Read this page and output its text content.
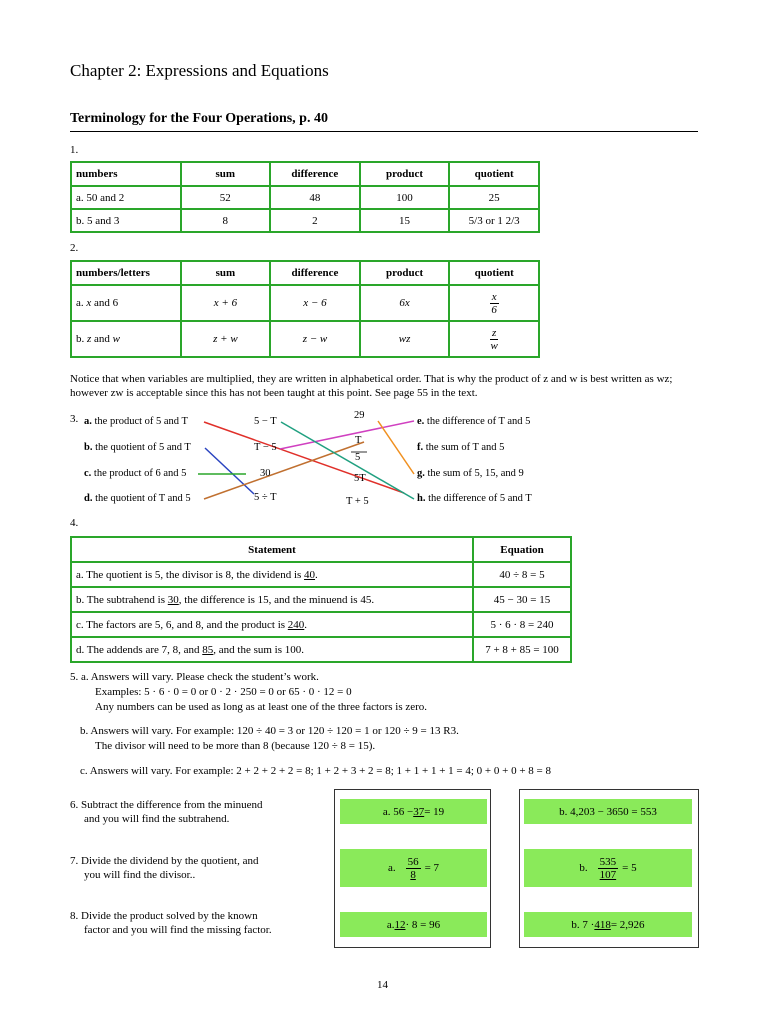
Chapter 2: Expressions and Equations
Terminology for the Four Operations, p. 40
1.
numbers	sum	difference	product	quotient
a. 50 and 2	52	48	100	25
b. 5 and 3	8	2	15	5/3 or 1 2/3
2.
numbers/letters	sum	difference	product	quotient
a. x and 6	x + 6	x − 6	6x	$\frac{x}{6}$

b. z and w	z + w	z − w	wz	$\frac{z}{w}$
Notice that when variables are multiplied, they are written in alphabetical order. That is why the product of z and w is best written as wz; however zw is acceptable since this has not been taught at this point. See page 55 in the text.
3. a. the product of 5 and T
b. the quotient of 5 and T
c. the product of 6 and 5
d. the quotient of T and 5
5 − T
T − 5
30
5 ÷ T
29
T
5
5T
T + 5
e. the difference of T and 5
f. the sum of T and 5
g. the sum of 5, 15, and 9
h. the difference of 5 and T
4.
Statement	Equation
a. The quotient is 5, the divisor is 8, the dividend is 40.	40 ÷ 8 = 5
b. The subtrahend is 30, the difference is 15, and the minuend is 45.	45 − 30 = 15
c. The factors are 5, 6, and 8, and the product is 240.	5 · 6 · 8 = 240
d. The addends are 7, 8, and 85, and the sum is 100.	7 + 8 + 85 = 100
5. a. Answers will vary. Please check the student’s work.
Examples: 5 · 6 · 0 = 0 or 0 · 2 · 250 = 0 or 65 · 0 · 12 = 0
Any numbers can be used as long as at least one of the three factors is zero.
b. Answers will vary. For example: 120 ÷ 40 = 3 or 120 ÷ 120 = 1 or 120 ÷ 9 = 13 R3.
The divisor will need to be more than 8 (because 120 ÷ 8 = 15).
c. Answers will vary. For example: 2 + 2 + 2 + 2 = 8; 1 + 2 + 3 + 2 = 8; 1 + 1 + 1 + 1 = 4; 0 + 0 + 0 + 8 = 8
6. Subtract the difference from the minuend
and you will find the subtrahend.
a. 56 − 37 = 19	b. 4,203 − 3650 = 553
7. Divide the dividend by the quotient, and
you will find the divisor..
a. $\frac{56}{8} = 7$	b. $\frac{535}{107} = 5$
8. Divide the product solved by the known
factor and you will find the missing factor.	a. 12 · 8 = 96	b. 7 · 418 = 2,926
14
